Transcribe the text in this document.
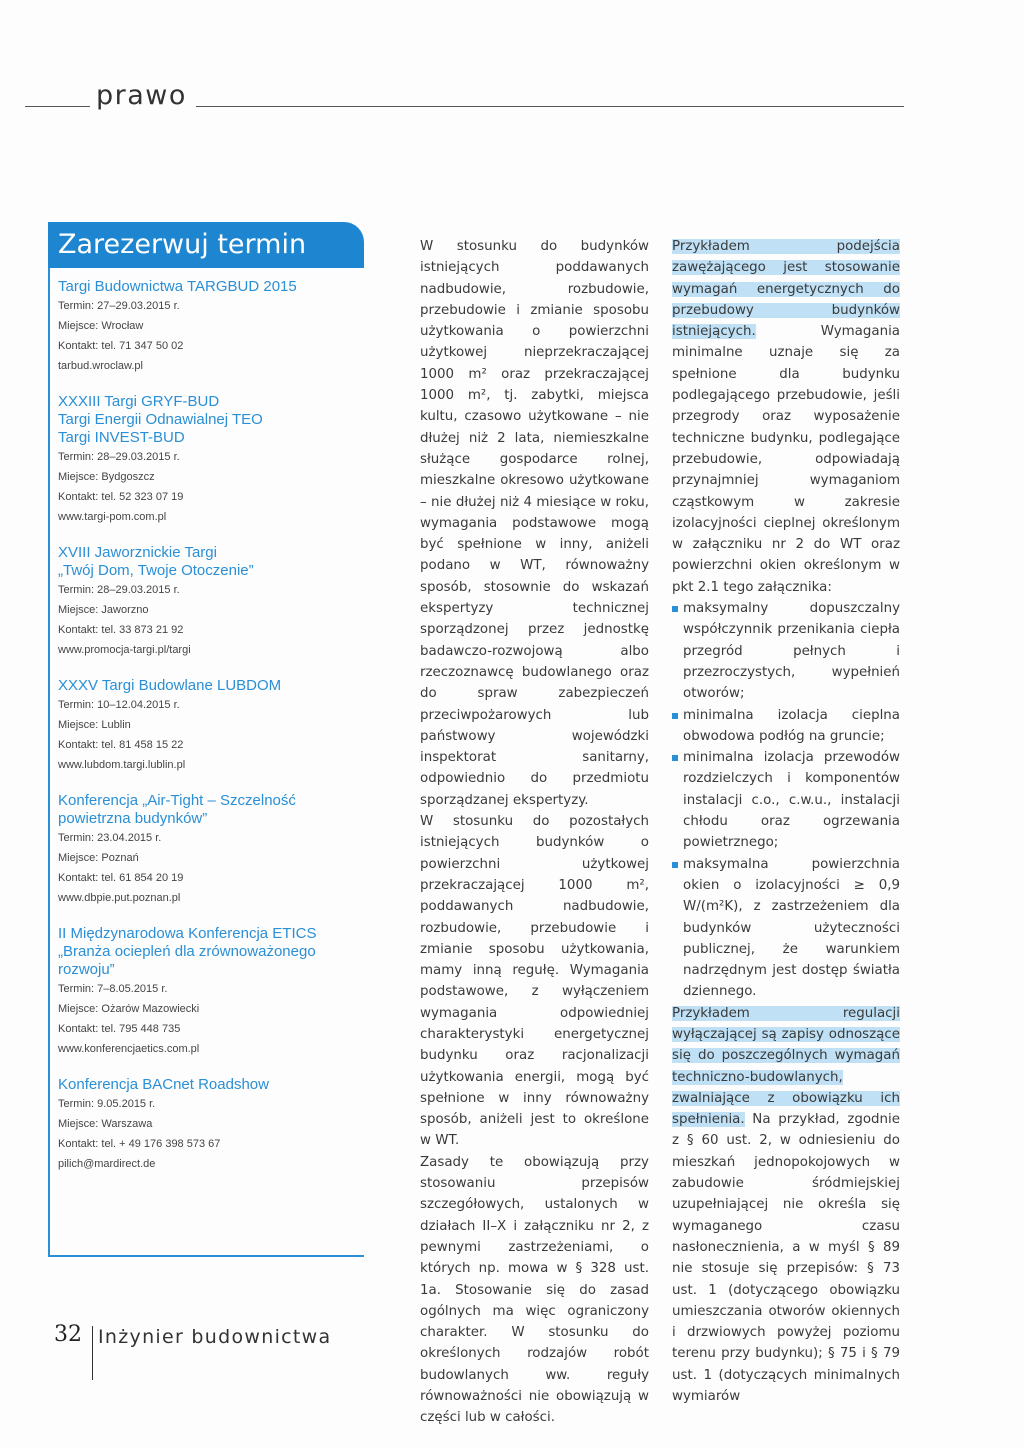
prawo
Zarezerwuj termin
Targi Budownictwa TARGBUD 2015
Termin: 27–29.03.2015 r.
Miejsce: Wrocław
Kontakt: tel. 71 347 50 02
tarbud.wroclaw.pl
XXXIII Targi GRYF-BUD
Targi Energii Odnawialnej TEO
Targi INVEST-BUD
Termin: 28–29.03.2015 r.
Miejsce: Bydgoszcz
Kontakt: tel. 52 323 07 19
www.targi-pom.com.pl
XVIII Jaworznickie Targi
„Twój Dom, Twoje Otoczenie”
Termin: 28–29.03.2015 r.
Miejsce: Jaworzno
Kontakt: tel. 33 873 21 92
www.promocja-targi.pl/targi
XXXV Targi Budowlane LUBDOM
Termin: 10–12.04.2015 r.
Miejsce: Lublin
Kontakt: tel. 81 458 15 22
www.lubdom.targi.lublin.pl
Konferencja „Air-Tight – Szczelność
powietrzna budynków”
Termin: 23.04.2015 r.
Miejsce: Poznań
Kontakt: tel. 61 854 20 19
www.dbpie.put.poznan.pl
II Międzynarodowa Konferencja ETICS
„Branża ociepleń dla zrównoważonego
rozwoju”
Termin: 7–8.05.2015 r.
Miejsce: Ożarów Mazowiecki
Kontakt: tel. 795 448 735
www.konferencjaetics.com.pl
Konferencja BACnet Roadshow
Termin: 9.05.2015 r.
Miejsce: Warszawa
Kontakt: tel. + 49 176 398 573 67
pilich@mardirect.de

W stosunku do budynków istniejących poddawanych nadbudowie, rozbudowie, przebudowie i zmianie sposobu użytkowania o powierzchni użytkowej nieprzekraczającej 1000 m² oraz przekraczającej 1000 m², tj. zabytki, miejsca kultu, czasowo użytkowane – nie dłużej niż 2 lata, niemieszkalne służące gospodarce rolnej, mieszkalne okresowo użytkowane – nie dłużej niż 4 miesiące w roku, wymagania podstawowe mogą być spełnione w inny, aniżeli podano w WT, równoważny sposób, stosownie do wskazań ekspertyzy technicznej sporządzonej przez jednostkę badawczo-rozwojową albo rzeczoznawcę budowlanego oraz do spraw zabezpieczeń przeciwpożarowych lub państwowy wojewódzki inspektorat sanitarny, odpowiednio do przedmiotu sporządzanej ekspertyzy.

W stosunku do pozostałych istniejących budynków o powierzchni użytkowej przekraczającej 1000 m², poddawanych nadbudowie, rozbudowie, przebudowie i zmianie sposobu użytkowania, mamy inną regułę. Wymagania podstawowe, z wyłączeniem wymagania odpowiedniej charakterystyki energetycznej budynku oraz racjonalizacji użytkowania energii, mogą być spełnione w inny równoważny sposób, aniżeli jest to określone w WT.

Zasady te obowiązują przy stosowaniu przepisów szczegółowych, ustalonych w działach II–X i załączniku nr 2, z pewnymi zastrzeżeniami, o których np. mowa w § 328 ust. 1a. Stosowanie się do zasad ogólnych ma więc ograniczony charakter. W stosunku do określonych rodzajów robót budowlanych ww. reguły równoważności nie obowiązują w części lub w całości.

Przykładem podejścia zawężającego jest stosowanie wymagań energetycznych do przebudowy budynków istniejących. Wymagania minimalne uznaje się za spełnione dla budynku podlegającego przebudowie, jeśli przegrody oraz wyposażenie techniczne budynku, podlegające przebudowie, odpowiadają przynajmniej wymaganiom cząstkowym w zakresie izolacyjności cieplnej określonym w załączniku nr 2 do WT oraz powierzchni okien określonym w pkt 2.1 tego załącznika:

maksymalny dopuszczalny współczynnik przenikania ciepła przegród pełnych i przezroczystych, wypełnień otworów;
minimalna izolacja cieplna obwodowa podłóg na gruncie;
minimalna izolacja przewodów rozdzielczych i komponentów instalacji c.o., c.w.u., instalacji chłodu oraz ogrzewania powietrznego;
maksymalna powierzchnia okien o izolacyjności ≥ 0,9 W/(m²K), z zastrzeżeniem dla budynków użyteczności publicznej, że warunkiem nadrzędnym jest dostęp światła dziennego.

Przykładem regulacji wyłączającej są zapisy odnoszące się do poszczególnych wymagań techniczno-budowlanych, zwalniające z obowiązku ich spełnienia. Na przykład, zgodnie z § 60 ust. 2, w odniesieniu do mieszkań jednopokojowych w zabudowie śródmiejskiej uzupełniającej nie określa się wymaganego czasu nasłonecznienia, a w myśl § 89 nie stosuje się przepisów: § 73 ust. 1 (dotyczącego obowiązku umieszczania otworów okiennych i drzwiowych powyżej poziomu terenu przy budynku); § 75 i § 79 ust. 1 (dotyczących minimalnych wymiarów

32 Inżynier budownictwa
